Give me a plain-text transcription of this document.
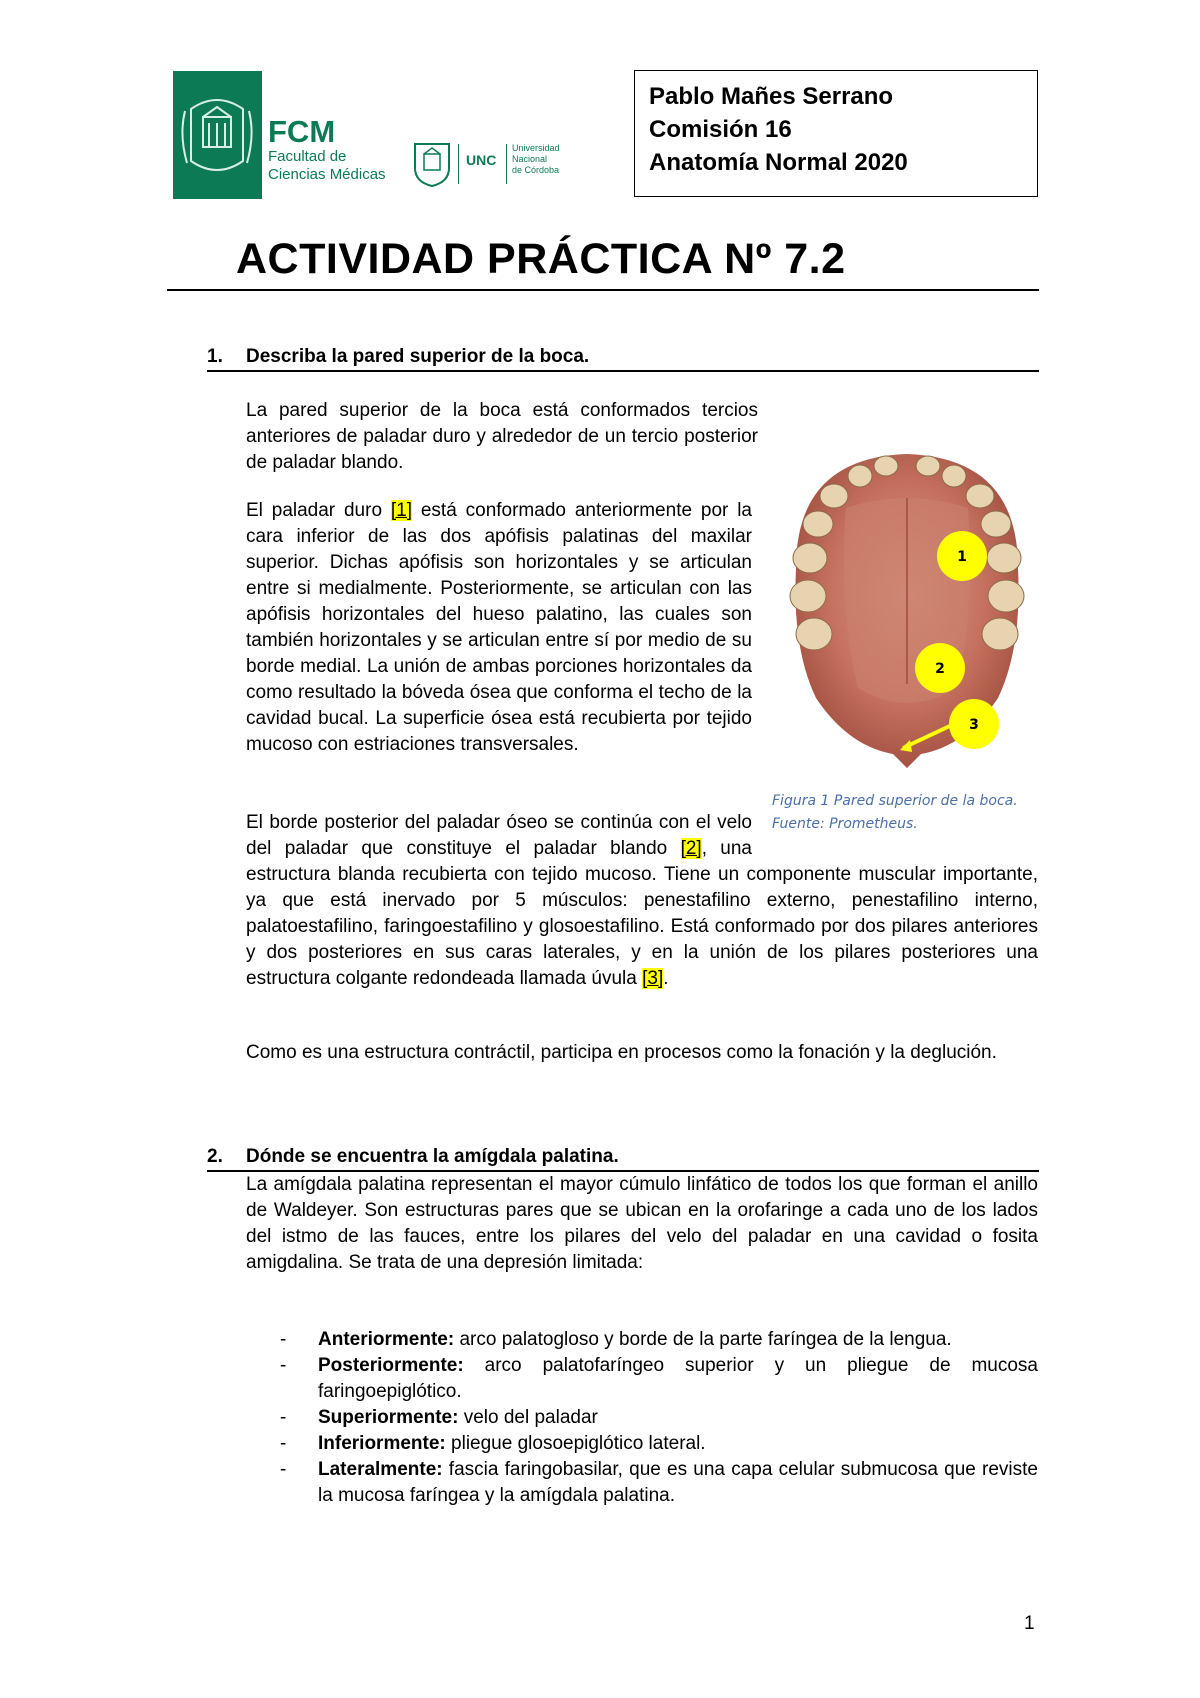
FCM
Facultad de
Ciencias Médicas
UNC
Universidad
Nacional
de Córdoba
Pablo Mañes Serrano
Comisión 16
Anatomía Normal 2020
ACTIVIDAD PRÁCTICA Nº 7.2
1. Describa la pared superior de la boca.
La pared superior de la boca está conformados tercios anteriores de paladar duro y alrededor de un tercio posterior de paladar blando.
El paladar duro [1] está conformado anteriormente por la cara inferior de las dos apófisis palatinas del maxilar superior. Dichas apófisis son horizontales y se articulan entre si medialmente. Posteriormente, se articulan con las apófisis horizontales del hueso palatino, las cuales son también horizontales y se articulan entre sí por medio de su borde medial. La unión de ambas porciones horizontales da como resultado la bóveda ósea que conforma el techo de la cavidad bucal. La superficie ósea está recubierta por tejido mucoso con estriaciones transversales.
1
2
3
Figura 1 Pared superior de la boca.
Fuente: Prometheus.
El borde posterior del paladar óseo se continúa con el velo del paladar que constituye el paladar blando [2], una estructura blanda recubierta con tejido mucoso. Tiene un componente muscular importante, ya que está inervado por 5 músculos: penestafilino externo, penestafilino interno, palatoestafilino, faringoestafilino y glosoestafilino. Está conformado por dos pilares anteriores y dos posteriores en sus caras laterales, y en la unión de los pilares posteriores una estructura colgante redondeada llamada úvula [3].
Como es una estructura contráctil, participa en procesos como la fonación y la deglución.
2. Dónde se encuentra la amígdala palatina.
La amígdala palatina representan el mayor cúmulo linfático de todos los que forman el anillo de Waldeyer. Son estructuras pares que se ubican en la orofaringe a cada uno de los lados del istmo de las fauces, entre los pilares del velo del paladar en una cavidad o fosita amigdalina. Se trata de una depresión limitada:
- Anteriormente: arco palatogloso y borde de la parte faríngea de la lengua.
- Posteriormente: arco palatofaríngeo superior y un pliegue de mucosa faringoepiglótico.
- Superiormente: velo del paladar
- Inferiormente: pliegue glosoepiglótico lateral.
- Lateralmente: fascia faringobasilar, que es una capa celular submucosa que reviste la mucosa faríngea y la amígdala palatina.
1
